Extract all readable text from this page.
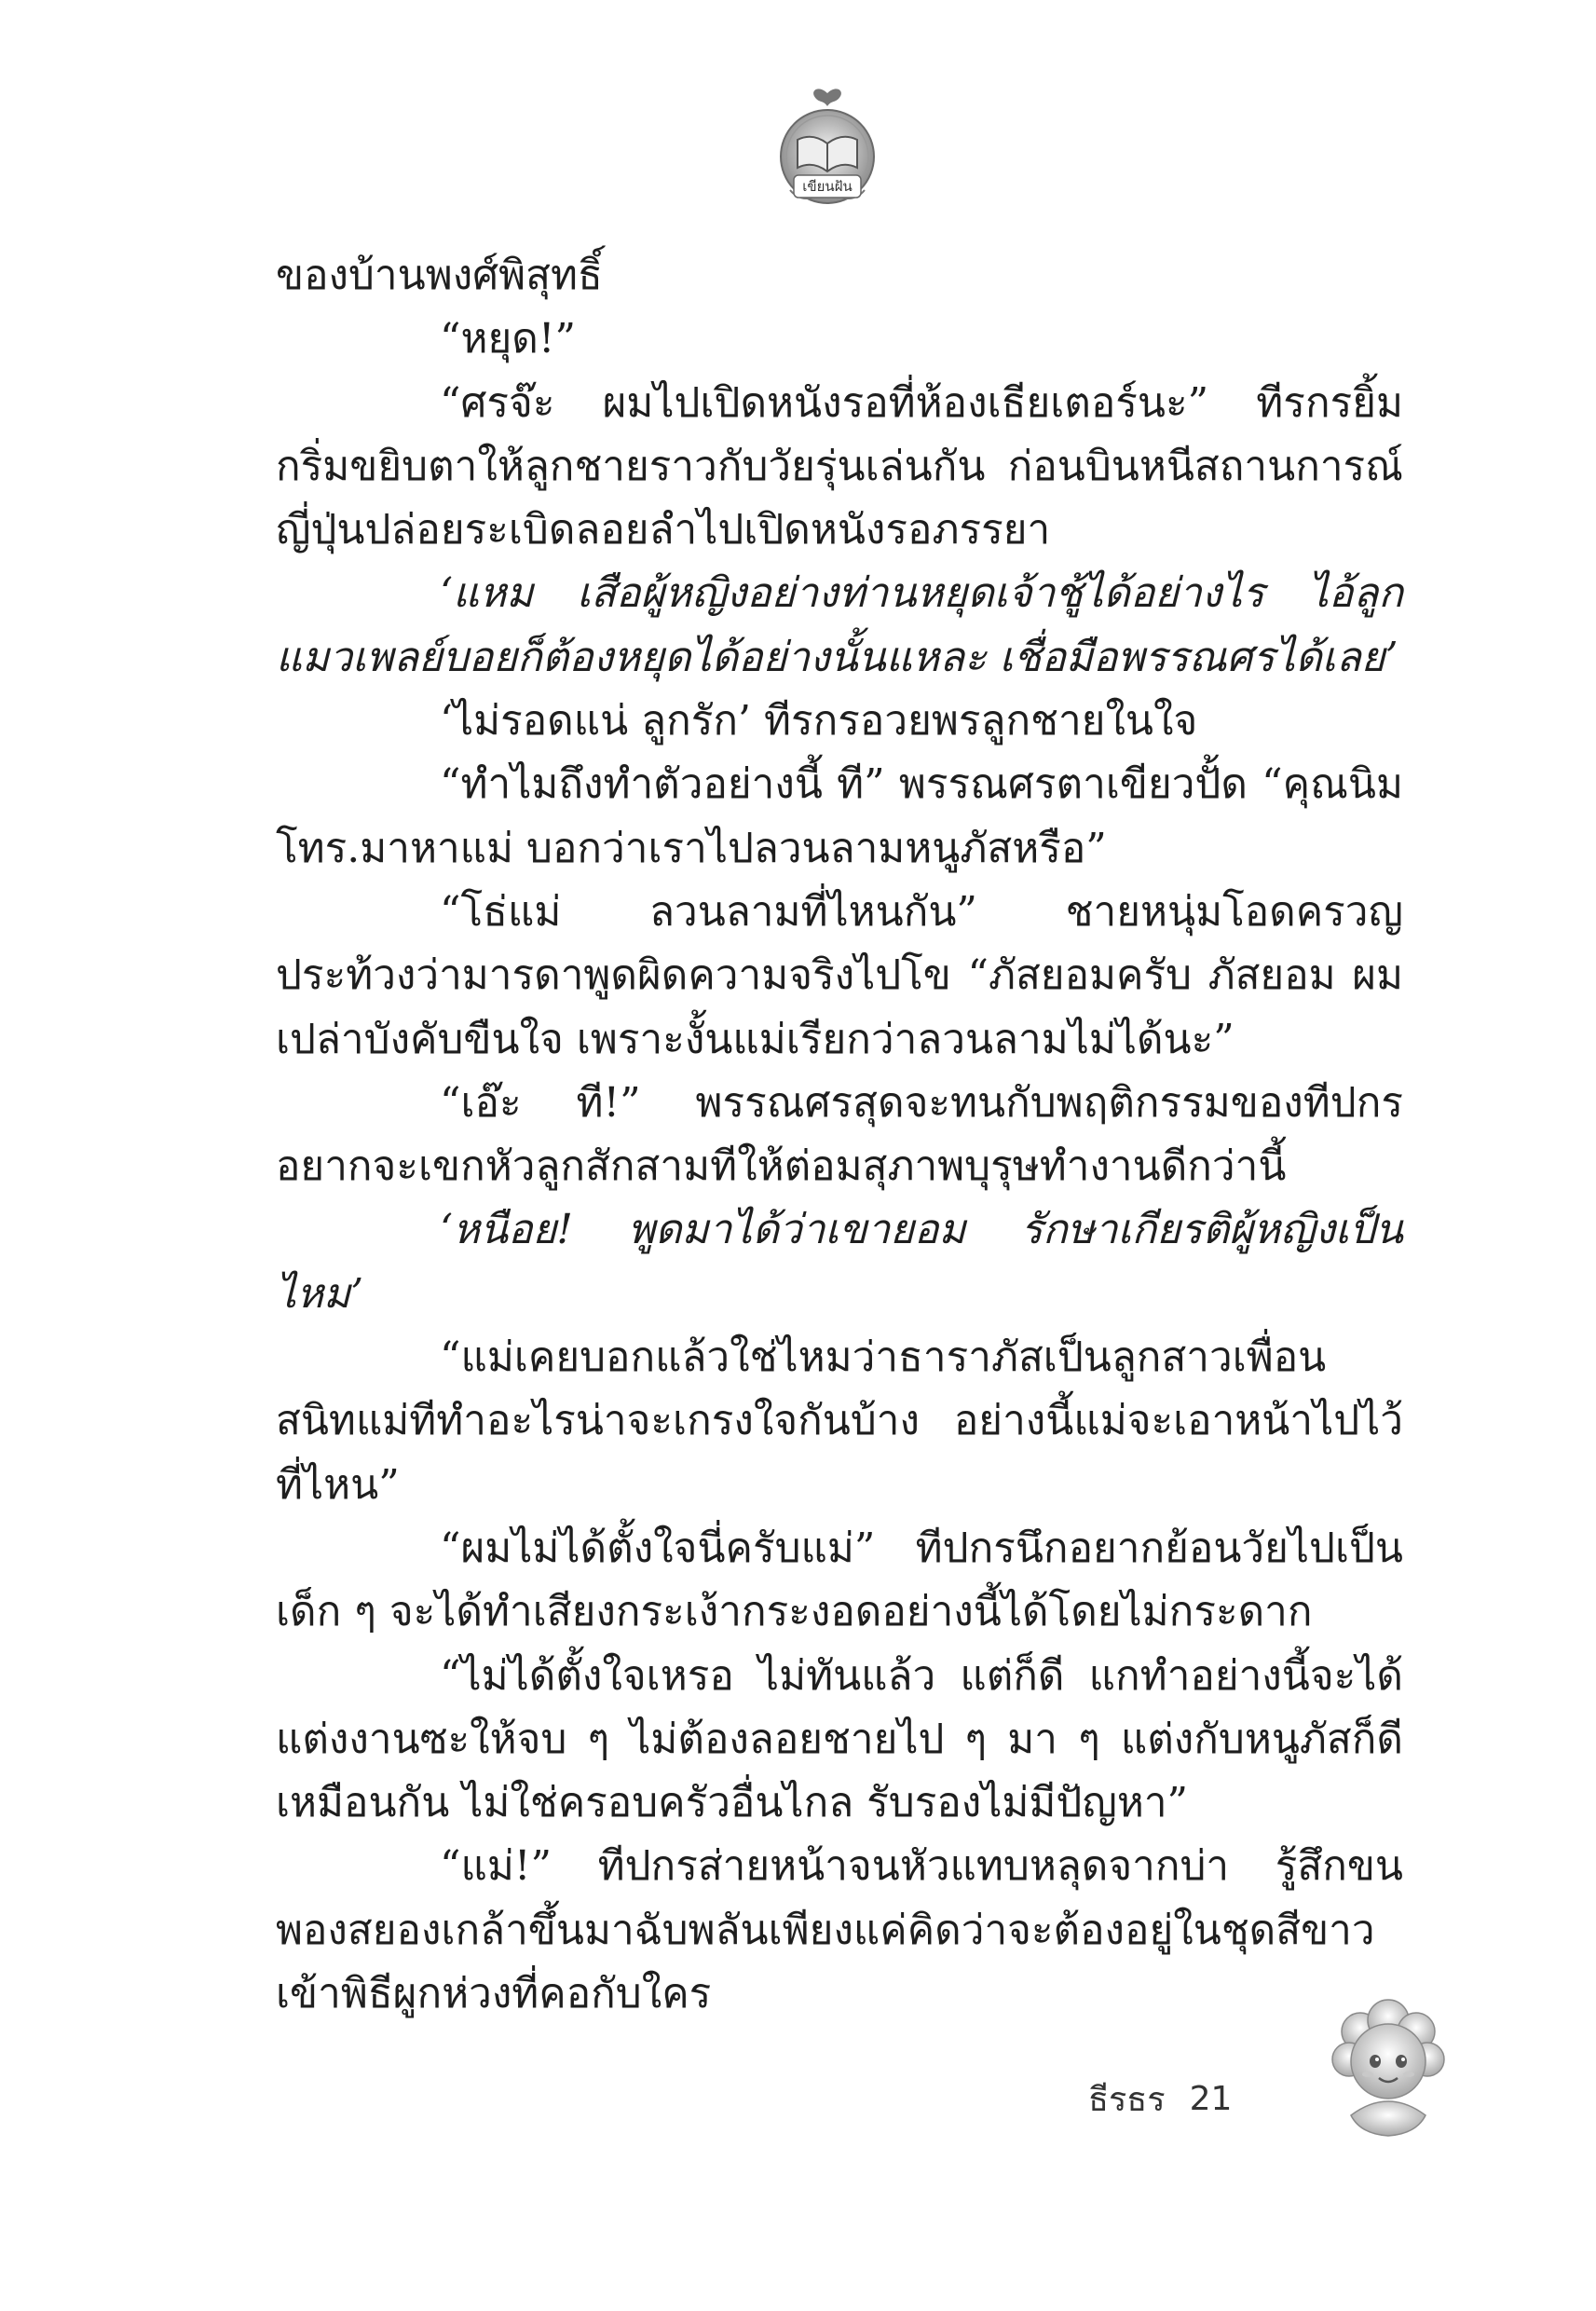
เขียนฝัน

ของบ้านพงศ์พิสุทธิ์

“หยุด!”

“ศรจ๊ะ ผมไปเปิดหนังรอที่ห้องเธียเตอร์นะ” ทีรกรยิ้มกริ่มขยิบตาให้ลูกชายราวกับวัยรุ่นเล่นกัน ก่อนบินหนีสถานการณ์ญี่ปุ่นปล่อยระเบิดลอยลำไปเปิดหนังรอภรรยา

‘แหม เสือผู้หญิงอย่างท่านหยุดเจ้าชู้ได้อย่างไร ไอ้ลูกแมวเพลย์บอยก็ต้องหยุดได้อย่างนั้นแหละ เชื่อมือพรรณศรได้เลย’

‘ไม่รอดแน่ ลูกรัก’ ทีรกรอวยพรลูกชายในใจ

“ทำไมถึงทำตัวอย่างนี้ ที” พรรณศรตาเขียวปั้ด “คุณนิมโทร.มาหาแม่ บอกว่าเราไปลวนลามหนูภัสหรือ”

“โธ่แม่ ลวนลามที่ไหนกัน” ชายหนุ่มโอดครวญ ประท้วงว่ามารดาพูดผิดความจริงไปโข “ภัสยอมครับ ภัสยอม ผมเปล่าบังคับขืนใจ เพราะงั้นแม่เรียกว่าลวนลามไม่ได้นะ”

“เอ๊ะ ที!” พรรณศรสุดจะทนกับพฤติกรรมของทีปกร อยากจะเขกหัวลูกสักสามทีให้ต่อมสุภาพบุรุษทำงานดีกว่านี้

‘หนือย! พูดมาได้ว่าเขายอม รักษาเกียรติผู้หญิงเป็นไหม’

“แม่เคยบอกแล้วใช่ไหมว่าธาราภัสเป็นลูกสาวเพื่อนสนิทแม่ทีทำอะไรน่าจะเกรงใจกันบ้าง อย่างนี้แม่จะเอาหน้าไปไว้ที่ไหน”

“ผมไม่ได้ตั้งใจนี่ครับแม่” ทีปกรนึกอยากย้อนวัยไปเป็นเด็ก ๆ จะได้ทำเสียงกระเง้ากระงอดอย่างนี้ได้โดยไม่กระดาก

“ไม่ได้ตั้งใจเหรอ ไม่ทันแล้ว แต่ก็ดี แกทำอย่างนี้จะได้แต่งงานซะให้จบ ๆ ไม่ต้องลอยชายไป ๆ มา ๆ แต่งกับหนูภัสก็ดีเหมือนกัน ไม่ใช่ครอบครัวอื่นไกล รับรองไม่มีปัญหา”

“แม่!” ทีปกรส่ายหน้าจนหัวแทบหลุดจากบ่า รู้สึกขนพองสยองเกล้าขึ้นมาฉับพลันเพียงแค่คิดว่าจะต้องอยู่ในชุดสีขาวเข้าพิธีผูกห่วงที่คอกับใคร

ธีรธร 21
